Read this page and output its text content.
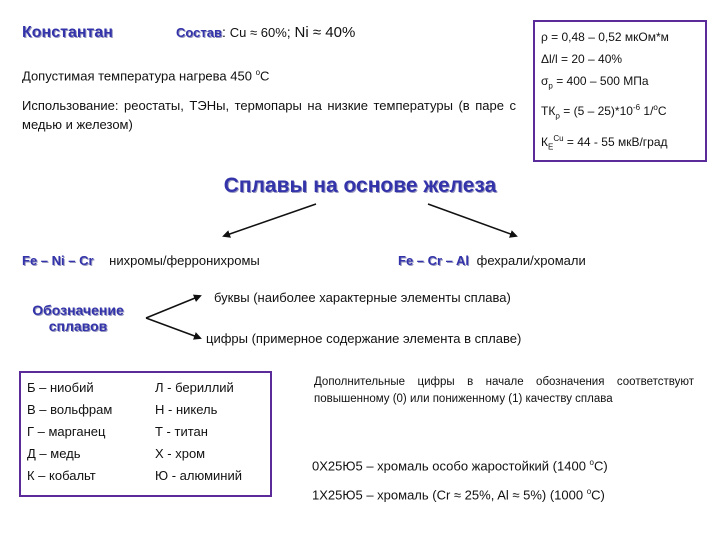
Константан	Состав: Cu ≈ 60%; Ni ≈ 40%
Допустимая температура нагрева 450 $^о$С
Использование: реостаты, ТЭНы, термопары на низкие температуры (в паре с медью и железом)
ρ = 0,48 – 0,52 мкОм*м
Δl/l = 20 – 40%
$\sigma_р = 400 - 500$ МПа
$ТК_\rho = (5 - 25)*10^{-6}$ 1/$^о$С
$К_Е^{Cu} = 44 - 55$ мкВ/град
Сплавы на основе железа
Fe – Ni – Cr нихромы/ферронихромы	Fe – Cr – Al фехрали/хромали
Обозначение
сплавов
буквы (наиболее характерные элементы сплава)
цифры (примерное содержание элемента в сплаве)
Б – ниобий	Л - бериллий
В – вольфрам	Н - никель
Г – марганец	Т - титан
Д – медь	Х - хром
К – кобальт	Ю - алюминий
Дополнительные цифры в начале обозначения соответствуют повышенному (0) или пониженному (1) качеству сплава
0Х25Ю5 – хромаль особо жаростойкий (1400 $^о$С)
1Х25Ю5 – хромаль (Cr ≈ 25%, Al ≈ 5%) (1000 $^о$С)
